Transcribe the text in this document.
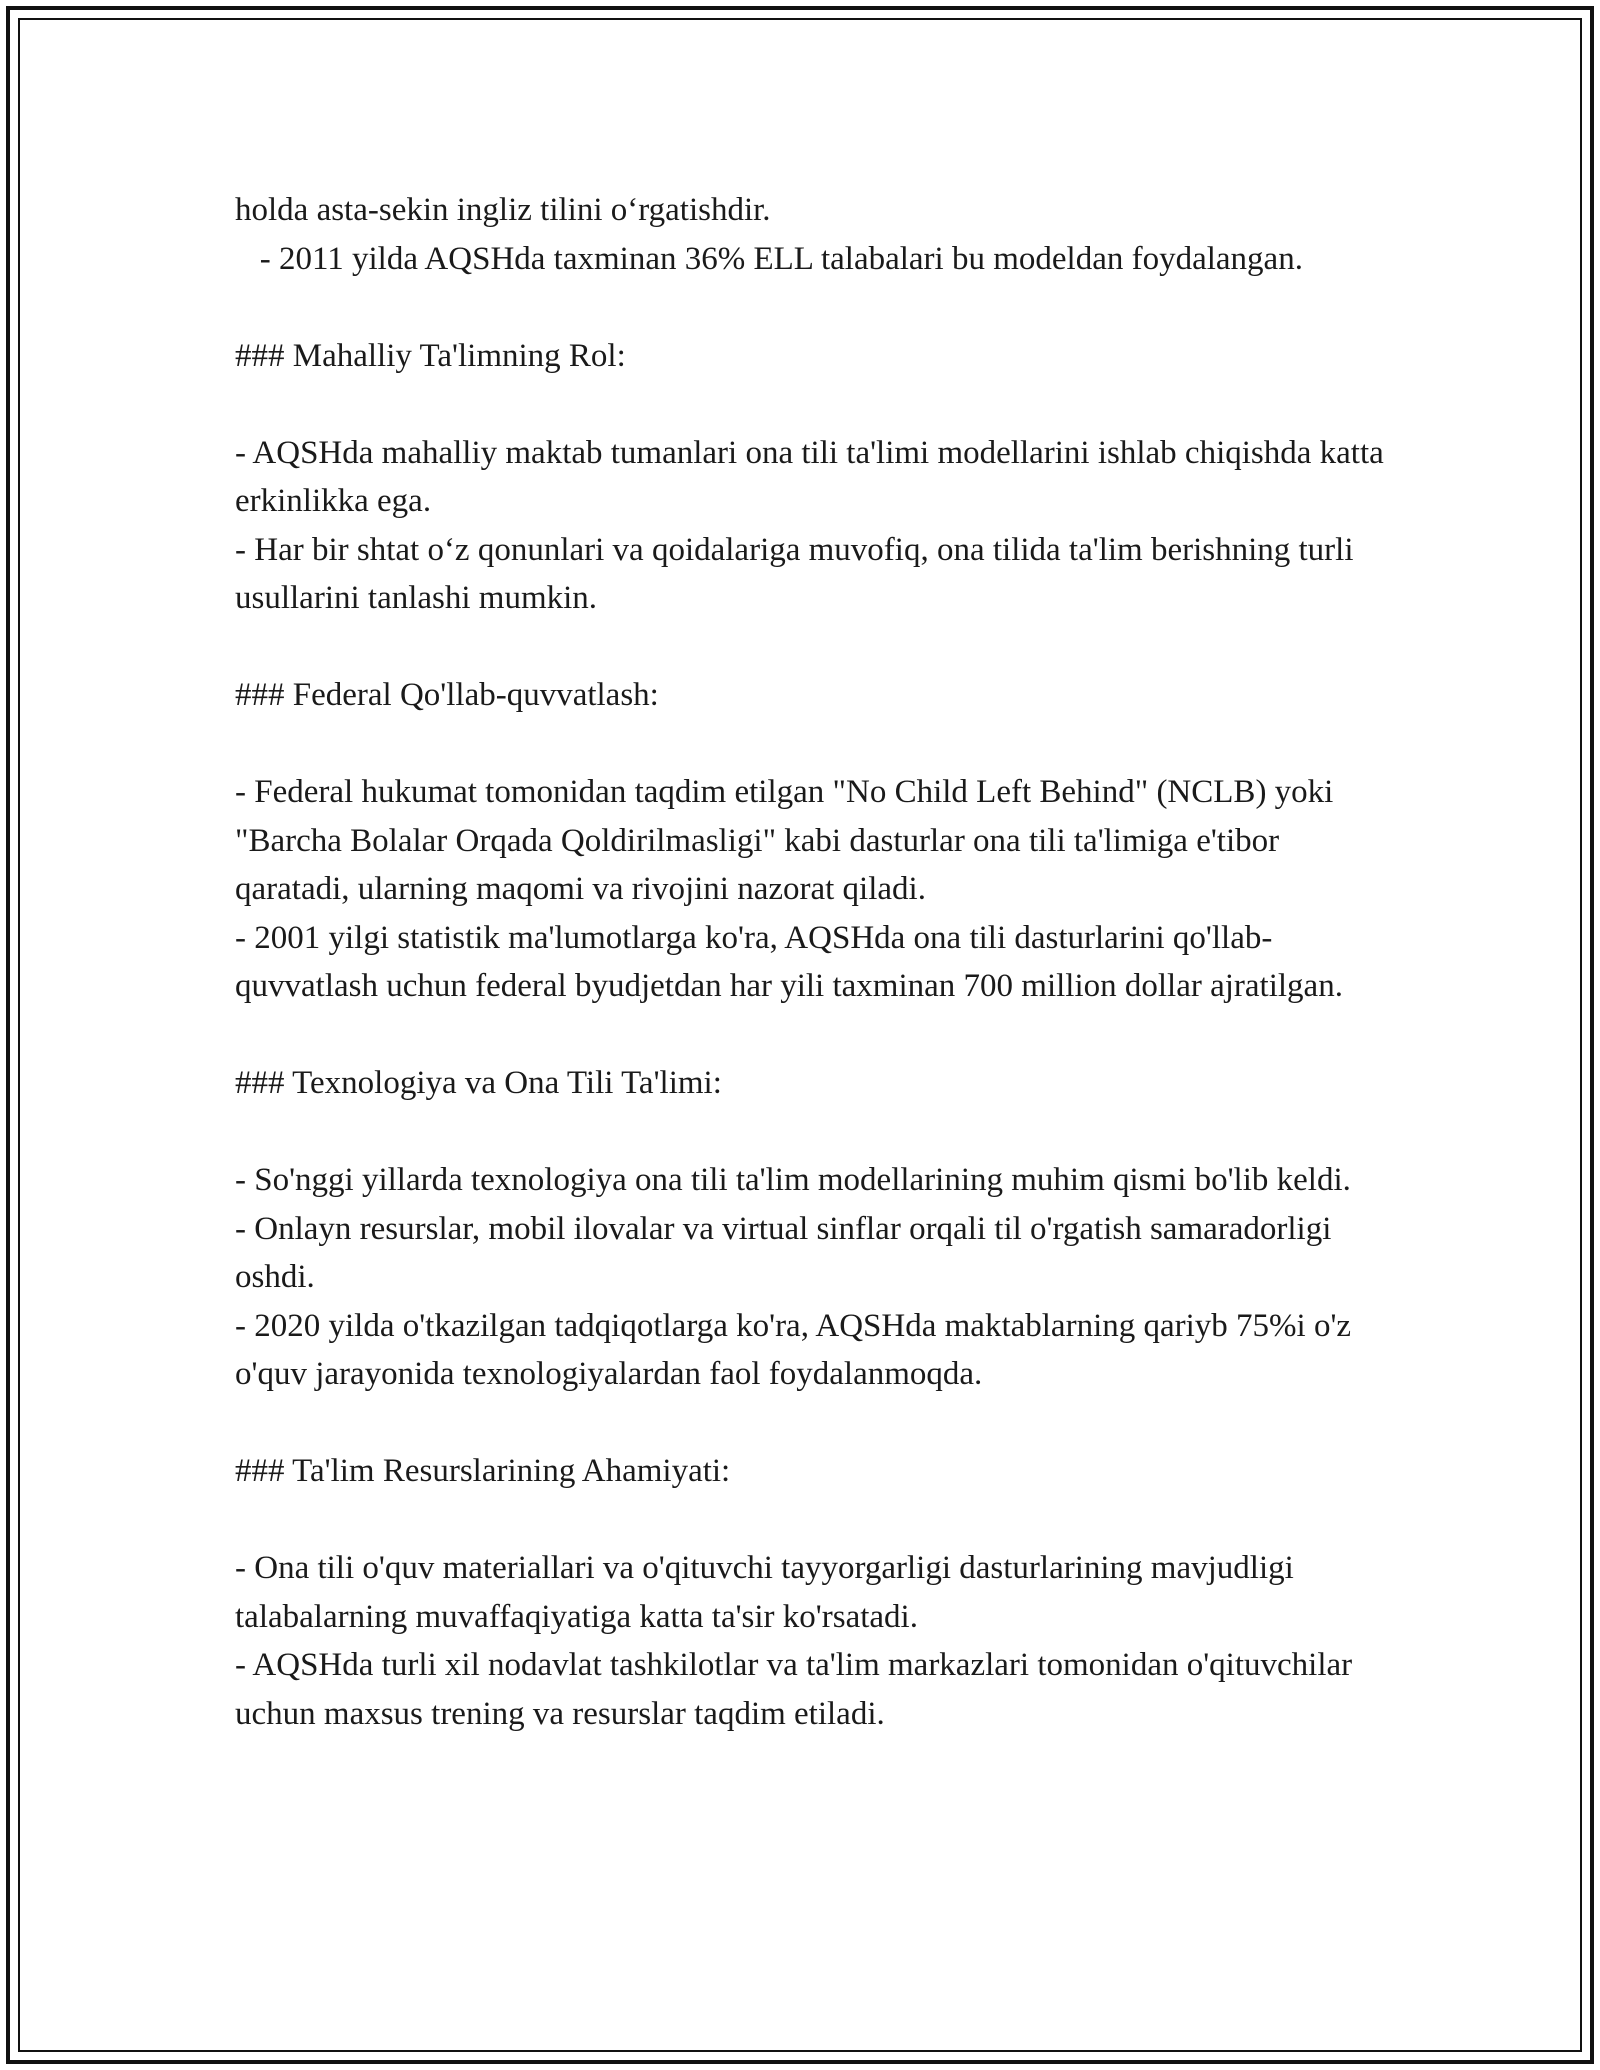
holda asta-sekin ingliz tilini oʻrgatishdir.

- 2011 yilda AQSHda taxminan 36% ELL talabalari bu modeldan foydalangan.

### Mahalliy Ta'limning Rol:

- AQSHda mahalliy maktab tumanlari ona tili ta'limi modellarini ishlab chiqishda katta erkinlikka ega.

- Har bir shtat oʻz qonunlari va qoidalariga muvofiq, ona tilida ta'lim berishning turli usullarini tanlashi mumkin.

### Federal Qo'llab-quvvatlash:

- Federal hukumat tomonidan taqdim etilgan "No Child Left Behind" (NCLB) yoki "Barcha Bolalar Orqada Qoldirilmasligi" kabi dasturlar ona tili ta'limiga e'tibor qaratadi, ularning maqomi va rivojini nazorat qiladi.

- 2001 yilgi statistik ma'lumotlarga ko'ra, AQSHda ona tili dasturlarini qo'llab-quvvatlash uchun federal byudjetdan har yili taxminan 700 million dollar ajratilgan.

### Texnologiya va Ona Tili Ta'limi:

- So'nggi yillarda texnologiya ona tili ta'lim modellarining muhim qismi bo'lib keldi.

- Onlayn resurslar, mobil ilovalar va virtual sinflar orqali til o'rgatish samaradorligi oshdi.

- 2020 yilda o'tkazilgan tadqiqotlarga ko'ra, AQSHda maktablarning qariyb 75%i o'z o'quv jarayonida texnologiyalardan faol foydalanmoqda.

### Ta'lim Resurslarining Ahamiyati:

- Ona tili o'quv materiallari va o'qituvchi tayyorgarligi dasturlarining mavjudligi talabalarning muvaffaqiyatiga katta ta'sir ko'rsatadi.

- AQSHda turli xil nodavlat tashkilotlar va ta'lim markazlari tomonidan o'qituvchilar uchun maxsus trening va resurslar taqdim etiladi.
